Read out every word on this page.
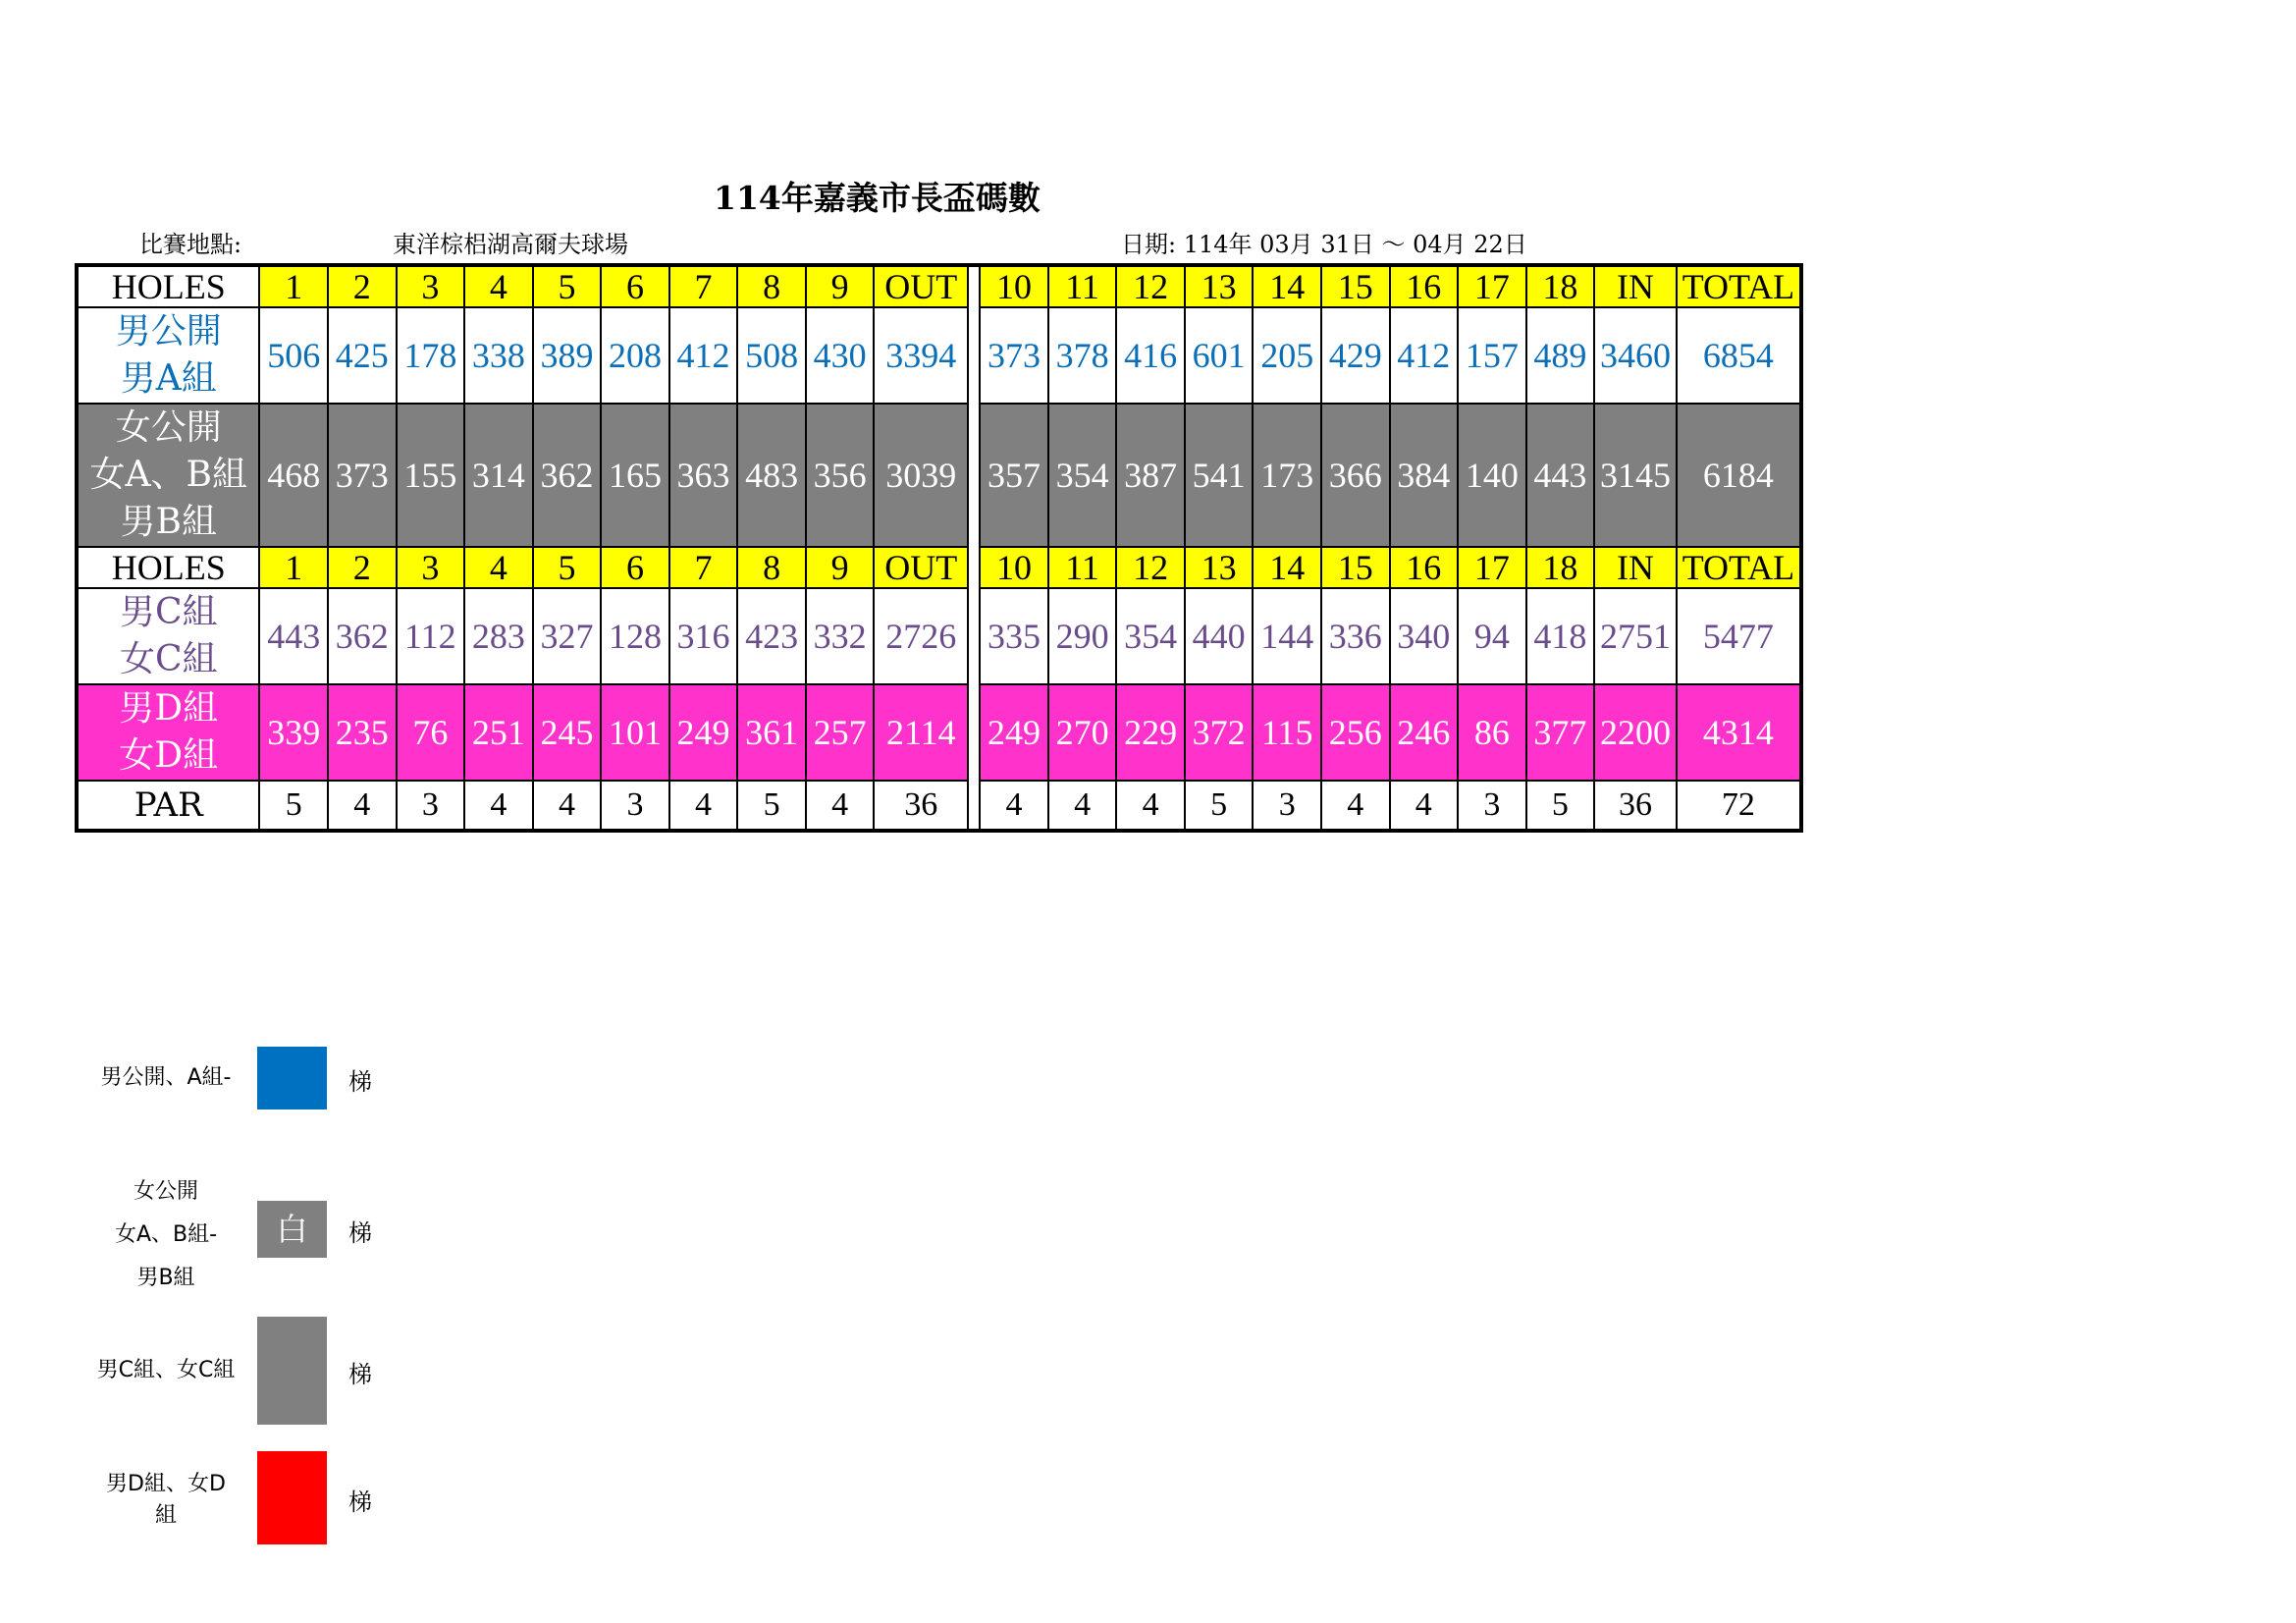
114年嘉義市長盃碼數
比賽地點:	東洋棕梠湖高爾夫球場	日期: 114年 03月 31日 ～ 04月 22日
HOLES	1	2	3	4	5	6	7	8	9	OUT		10	11	12	13	14	15	16	17	18	IN	TOTAL

男公開
男A組	506	425	178	338	389	208	412	508	430	3394		373	378	416	601	205	429	412	157	489	3460	6854

女公開
女A、B組
男B組	468	373	155	314	362	165	363	483	356	3039		357	354	387	541	173	366	384	140	443	3145	6184
HOLES	1	2	3	4	5	6	7	8	9	OUT		10	11	12	13	14	15	16	17	18	IN	TOTAL

男C組
女C組	443	362	112	283	327	128	316	423	332	2726		335	290	354	440	144	336	340	94	418	2751	5477

男D組
女D組	339	235	76	251	245	101	249	361	257	2114		249	270	229	372	115	256	246	86	377	2200	4314
PAR	5	4	3	4	4	3	4	5	4	36		4	4	4	5	3	4	4	3	5	36	72
男公開、A組-	梯
女公開
女A、B組-
男B組
白	梯
男C組、女C組	梯
男D組、女D
組	梯
